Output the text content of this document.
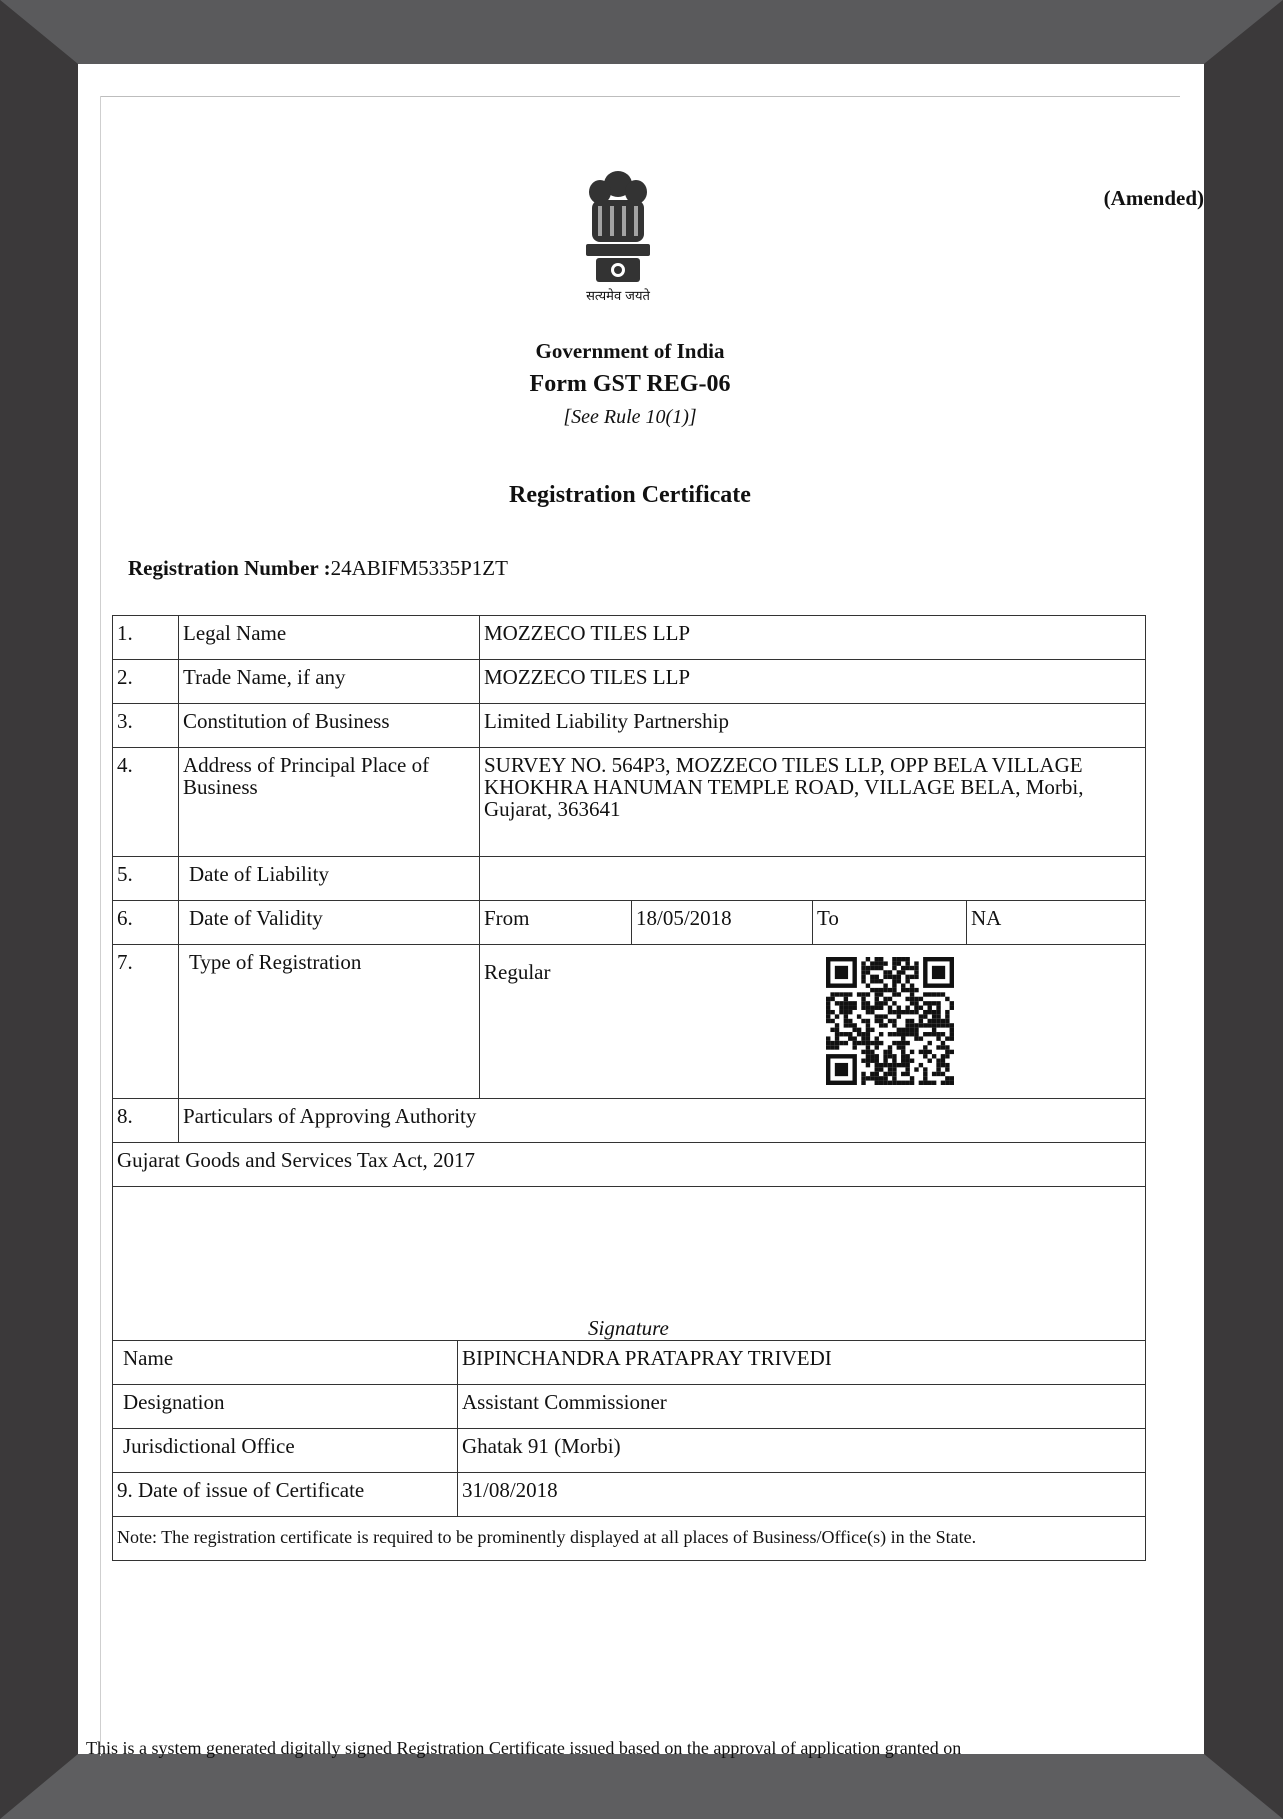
(Amended)
सत्यमेव जयते
Government of India
Form GST REG-06
[See Rule 10(1)]
Registration Certificate
Registration Number :24ABIFM5335P1ZT
1.	Legal Name	MOZZECO TILES LLP
2.	Trade Name, if any	MOZZECO TILES LLP
3.	Constitution of Business	Limited Liability Partnership
4.	Address of Principal Place of Business
SURVEY NO. 564P3, MOZZECO TILES LLP, OPP BELA VILLAGE KHOKHRA HANUMAN TEMPLE ROAD, VILLAGE BELA, Morbi, Gujarat, 363641
5.	Date of Liability
6.	Date of Validity	From	18/05/2018	To	NA
7.	Type of Registration	Regular
8.	Particulars of Approving Authority
Gujarat Goods and Services Tax Act, 2017
Signature
Name	BIPINCHANDRA PRATAPRAY TRIVEDI
Designation	Assistant Commissioner
Jurisdictional Office	Ghatak 91 (Morbi)
9. Date of issue of Certificate	31/08/2018
Note: The registration certificate is required to be prominently displayed at all places of Business/Office(s) in the State.
This is a system generated digitally signed Registration Certificate issued based on the approval of application granted on
